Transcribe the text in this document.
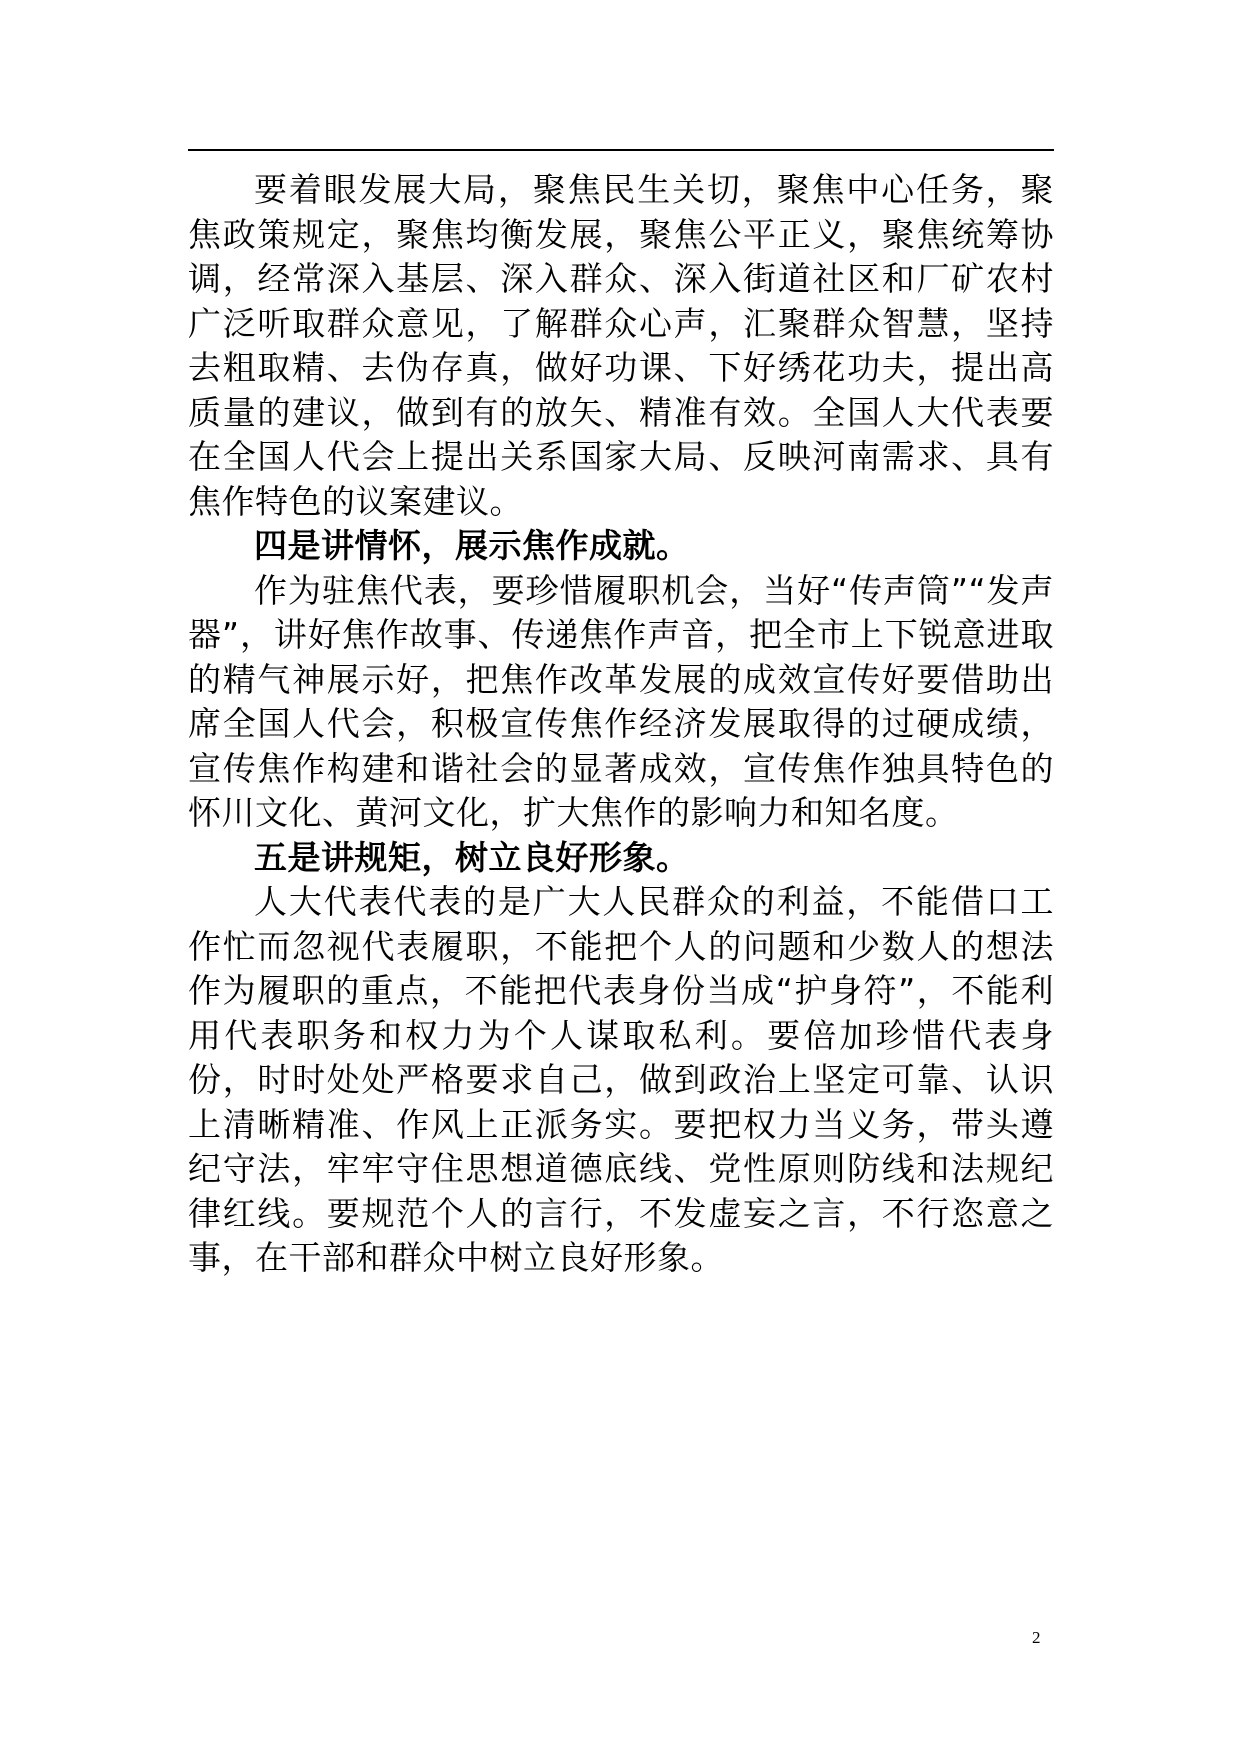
要着眼发展大局，聚焦民生关切，聚焦中心任务，聚焦政策规定，聚焦均衡发展，聚焦公平正义，聚焦统筹协调，经常深入基层、深入群众、深入街道社区和厂矿农村广泛听取群众意见，了解群众心声，汇聚群众智慧，坚持去粗取精、去伪存真，做好功课、下好绣花功夫，提出高质量的建议，做到有的放矢、精准有效。全国人大代表要在全国人代会上提出关系国家大局、反映河南需求、具有焦作特色的议案建议。

四是讲情怀，展示焦作成就。

作为驻焦代表，要珍惜履职机会，当好“传声筒”“发声器”，讲好焦作故事、传递焦作声音，把全市上下锐意进取的精气神展示好，把焦作改革发展的成效宣传好要借助出席全国人代会，积极宣传焦作经济发展取得的过硬成绩，宣传焦作构建和谐社会的显著成效，宣传焦作独具特色的怀川文化、黄河文化，扩大焦作的影响力和知名度。

五是讲规矩，树立良好形象。

人大代表代表的是广大人民群众的利益，不能借口工作忙而忽视代表履职，不能把个人的问题和少数人的想法作为履职的重点，不能把代表身份当成“护身符”，不能利用代表职务和权力为个人谋取私利。要倍加珍惜代表身份，时时处处严格要求自己，做到政治上坚定可靠、认识上清晰精准、作风上正派务实。要把权力当义务，带头遵纪守法，牢牢守住思想道德底线、党性原则防线和法规纪律红线。要规范个人的言行，不发虚妄之言，不行恣意之事，在干部和群众中树立良好形象。

2
